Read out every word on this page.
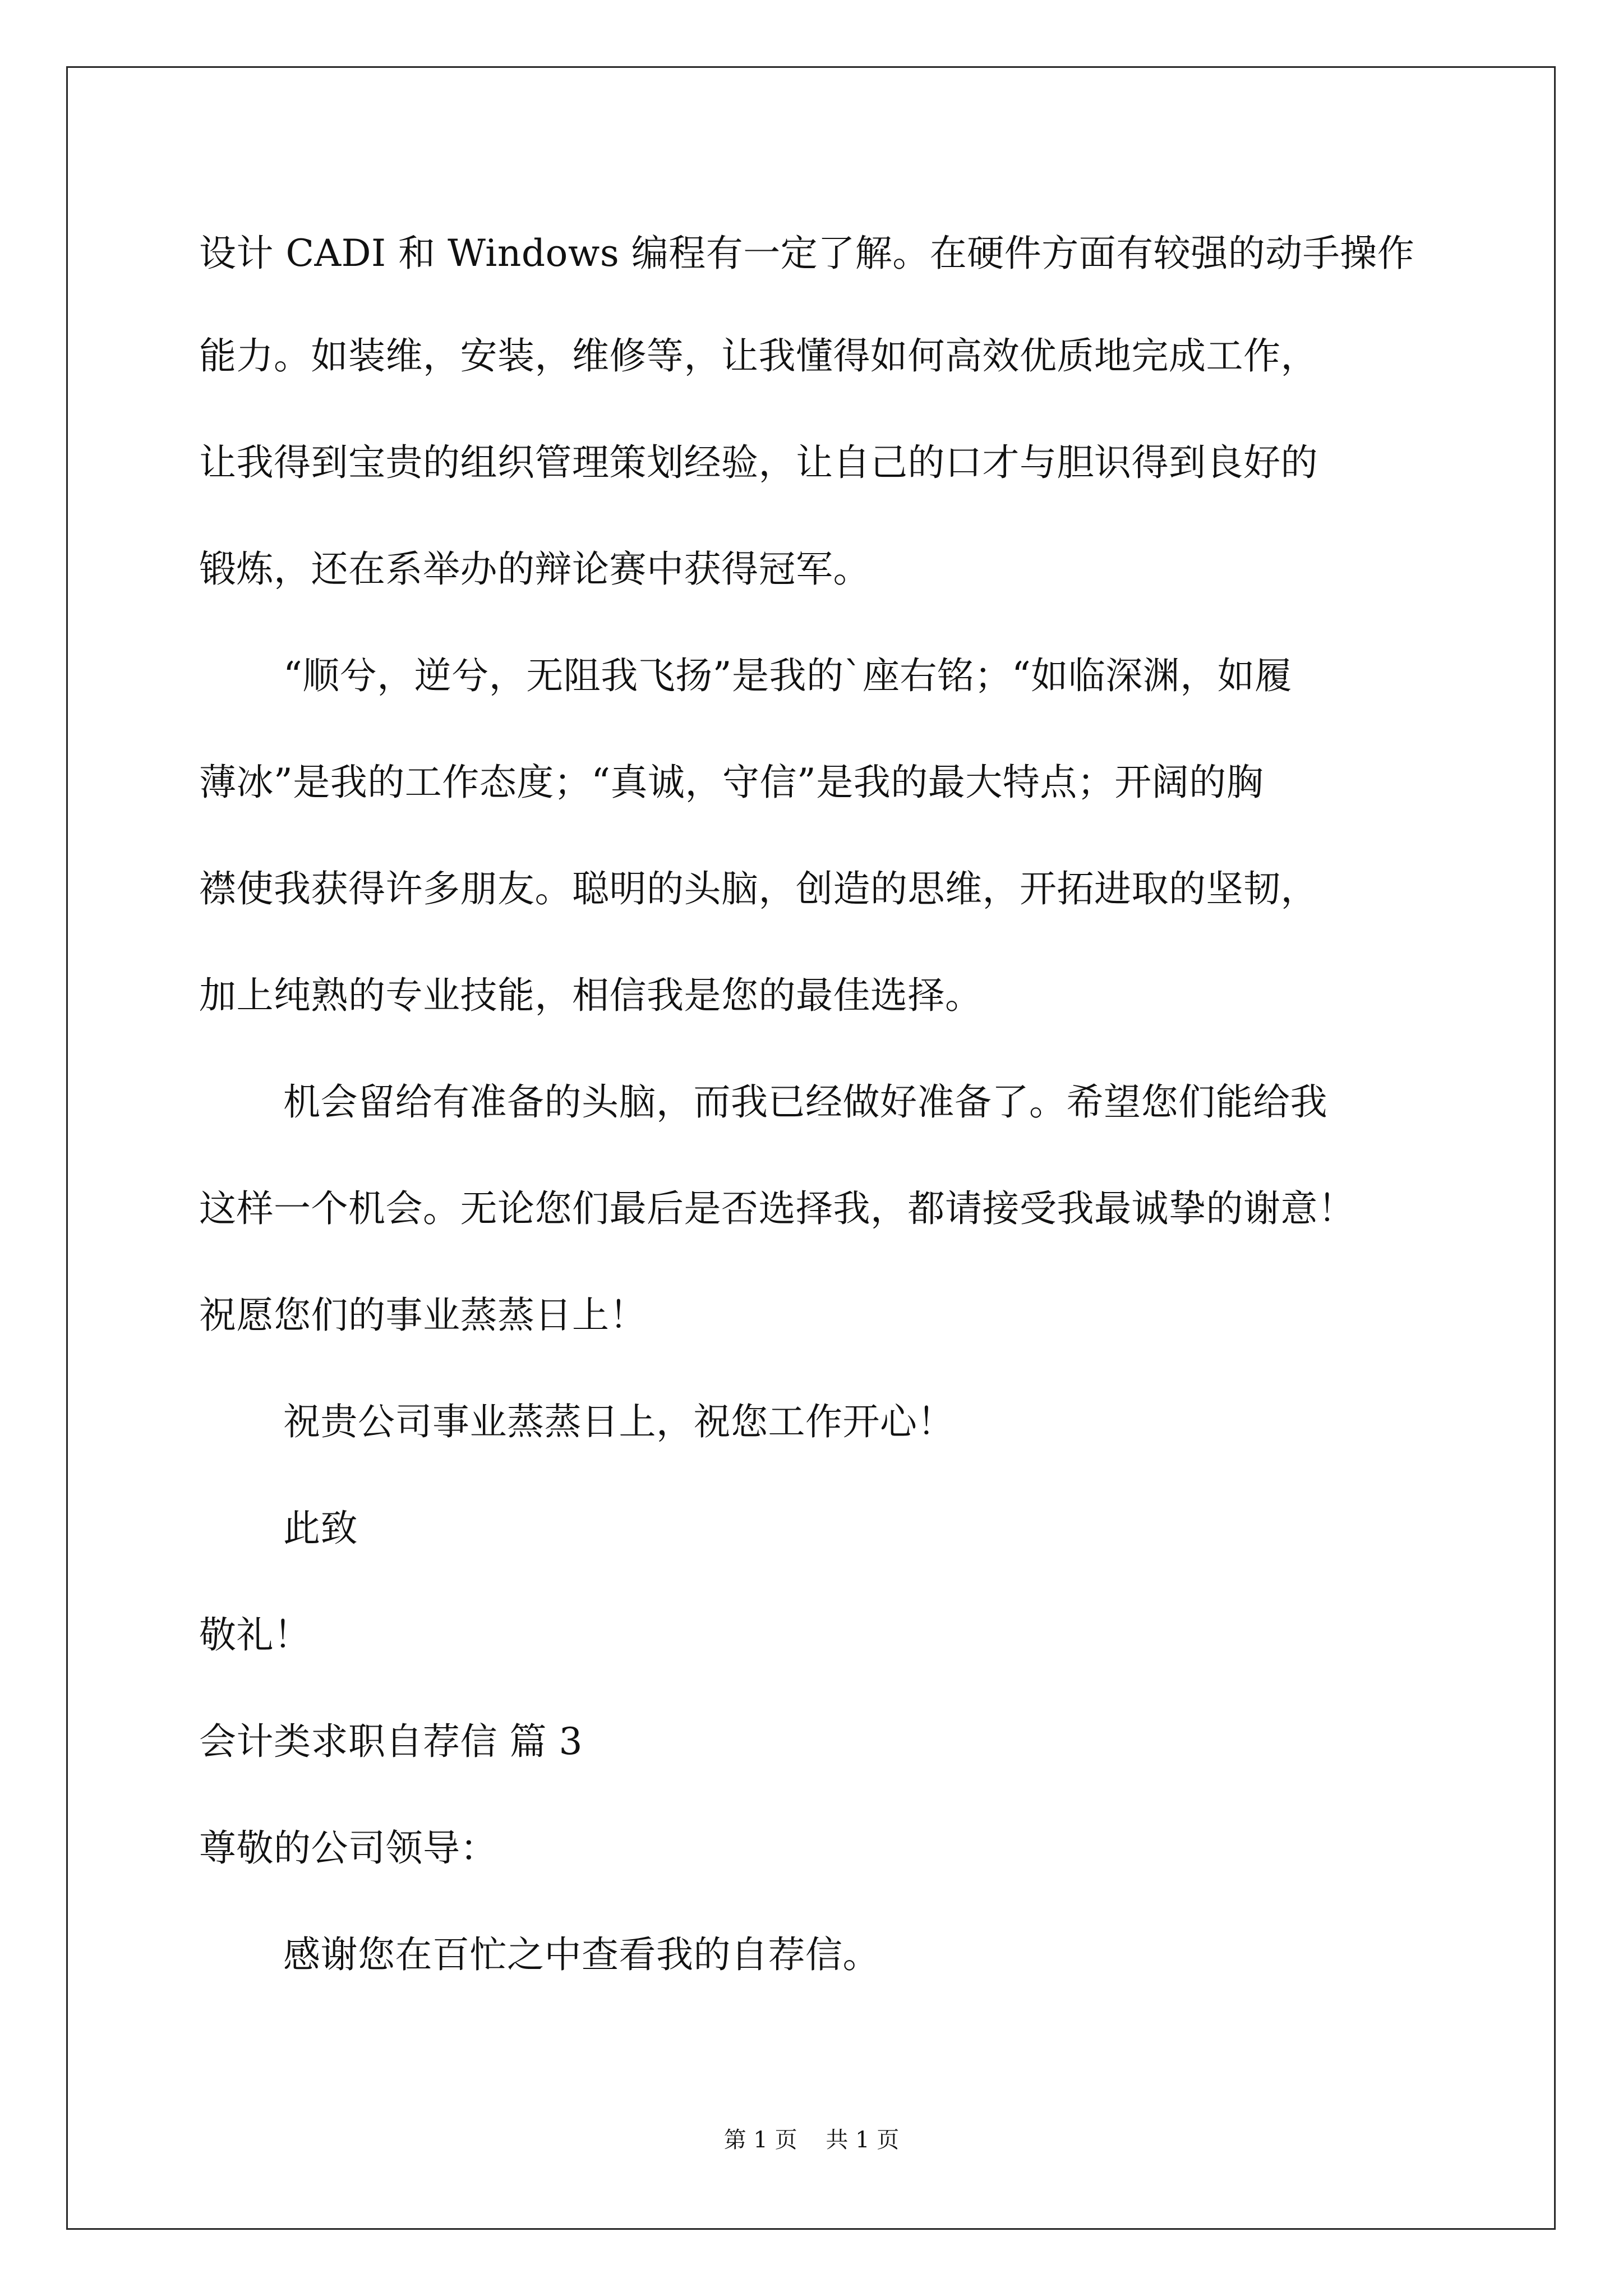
设计 CADI 和 Windows 编程有一定了解。在硬件方面有较强的动手操作
能力。如装维，安装，维修等，让我懂得如何高效优质地完成工作，
让我得到宝贵的组织管理策划经验，让自己的口才与胆识得到良好的
锻炼，还在系举办的辩论赛中获得冠军。
“顺兮，逆兮，无阻我飞扬”是我的`座右铭；“如临深渊，如履
薄冰”是我的工作态度；“真诚，守信”是我的最大特点；开阔的胸
襟使我获得许多朋友。聪明的头脑，创造的思维，开拓进取的坚韧，
加上纯熟的专业技能，相信我是您的最佳选择。
机会留给有准备的头脑，而我已经做好准备了。希望您们能给我
这样一个机会。无论您们最后是否选择我，都请接受我最诚挚的谢意！
祝愿您们的事业蒸蒸日上！
祝贵公司事业蒸蒸日上，祝您工作开心！
此致
敬礼！
会计类求职自荐信 篇 3
尊敬的公司领导：
感谢您在百忙之中查看我的自荐信。
第 1 页    共 1 页
